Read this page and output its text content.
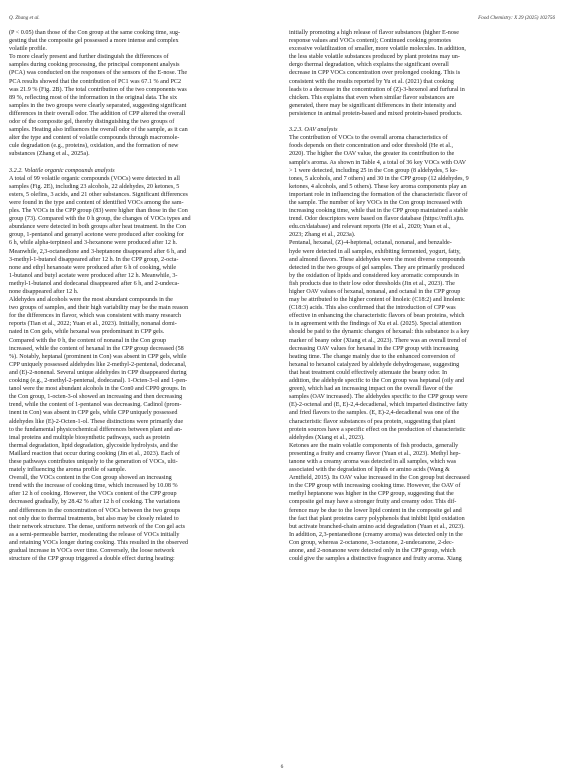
Q. Zhang et al.	Food Chemistry: X 29 (2025) 102756
(P < 0.05) than those of the Con group at the same cooking time, sug-
gesting that the composite gel possessed a more intense and complex
volatile profile.
To more clearly present and further distinguish the differences of
samples during cooking processing, the principal component analysis
(PCA) was conducted on the responses of the sensors of the E-nose. The
PCA results showed that the contribution of PC1 was 67.1 % and PC2
was 21.9 % (Fig. 2B). The total contribution of the two components was
89 %, reflecting most of the information in the original data. The six
samples in the two groups were clearly separated, suggesting significant
differences in their overall odor. The addition of CPP altered the overall
odor of the composite gel, thereby distinguishing the two groups of
samples. Heating also influences the overall odor of the sample, as it can
alter the type and content of volatile compounds through macromole-
cule degradation (e.g., proteins), oxidation, and the formation of new
substances (Zhang et al., 2025a).
3.2.2. Volatile organic compounds analysis
A total of 99 volatile organic compounds (VOCs) were detected in all
samples (Fig. 2E), including 23 alcohols, 22 aldehydes, 20 ketones, 5
esters, 5 olefins, 3 acids, and 21 other substances. Significant differences
were found in the type and content of identified VOCs among the sam-
ples. The VOCs in the CPP group (83) were higher than those in the Con
group (73). Compared with the 0 h group, the changes of VOCs types and
abundance were detected in both groups after heat treatment. In the Con
group, 1-pentanol and geranyl acetone were produced after cooking for
6 h, while alpha-terpineol and 3-hexanone were produced after 12 h.
Meanwhile, 2,3-octanedione and 3-heptanone disappeared after 6 h, and
3-methyl-1-butanol disappeared after 12 h. In the CPP group, 2-octa-
none and ethyl hexanoate were produced after 6 h of cooking, while
1-butanol and butyl acetate were produced after 12 h. Meanwhile, 3-
methyl-1-butanol and dodecanal disappeared after 6 h, and 2-undeca-
none disappeared after 12 h.
Aldehydes and alcohols were the most abundant compounds in the
two groups of samples, and their high variability may be the main reason
for the differences in flavor, which was consistent with many research
reports (Tian et al., 2022; Yuan et al., 2023). Initially, nonanal domi-
nated in Con gels, while hexanal was predominant in CPP gels.
Compared with the 0 h, the content of nonanal in the Con group
increased, while the content of hexanal in the CPP group decreased (58
%). Notably, heptanal (prominent in Con) was absent in CPP gels, while
CPP uniquely possessed aldehydes like 2-methyl-2-pentenal, dodecanal,
and (E)-2-nonenal. Several unique aldehydes in CPP disappeared during
cooking (e.g., 2-methyl-2-pentenal, dodecanal). 1-Octen-3-ol and 1-pen-
tanol were the most abundant alcohols in the Con0 and CPP0 groups. In
the Con group, 1-octen-3-ol showed an increasing and then decreasing
trend, while the content of 1-pentanol was decreasing. Cadinol (prom-
inent in Con) was absent in CPP gels, while CPP uniquely possessed
aldehydes like (E)-2-Octen-1-ol. These distinctions were primarily due
to the fundamental physicochemical differences between plant and an-
imal proteins and multiple biosynthetic pathways, such as protein
thermal degradation, lipid degradation, glycoside hydrolysis, and the
Maillard reaction that occur during cooking (Jin et al., 2023). Each of
these pathways contributes uniquely to the generation of VOCs, ulti-
mately influencing the aroma profile of sample.
Overall, the VOCs content in the Con group showed an increasing
trend with the increase of cooking time, which increased by 10.08 %
after 12 h of cooking. However, the VOCs content of the CPP group
decreased gradually, by 28.42 % after 12 h of cooking. The variations
and differences in the concentration of VOCs between the two groups
not only due to thermal treatments, but also may be closely related to
their network structure. The dense, uniform network of the Con gel acts
as a semi-permeable barrier, moderating the release of VOCs initially
and retaining VOCs longer during cooking. This resulted in the observed
gradual increase in VOCs over time. Conversely, the loose network
structure of the CPP group triggered a double effect during heating:
initially promoting a high release of flavor substances (higher E-nose
response values and VOCs content); Continued cooking promotes
excessive volatilization of smaller, more volatile molecules. In addition,
the less stable volatile substances produced by plant proteins may un-
dergo thermal degradation, which explains the significant overall
decrease in CPP VOCs concentration over prolonged cooking. This is
consistent with the results reported by Yu et al. (2021) that cooking
leads to a decrease in the concentration of (Z)-3-hexenol and furfural in
chicken. This explains that even when similar flavor substances are
generated, there may be significant differences in their intensity and
persistence in animal protein-based and mixed protein-based products.
3.2.3. OAV analysis
The contribution of VOCs to the overall aroma characteristics of
foods depends on their concentration and odor threshold (He et al.,
2020). The higher the OAV value, the greater its contribution to the
sample's aroma. As shown in Table 4, a total of 36 key VOCs with OAV
> 1 were detected, including 25 in the Con group (8 aldehydes, 5 ke-
tones, 5 alcohols, and 7 others) and 30 in the CPP group (12 aldehydes, 9
ketones, 4 alcohols, and 5 others). These key aroma components play an
important role in influencing the formation of the characteristic flavor of
the sample. The number of key VOCs in the Con group increased with
increasing cooking time, while that in the CPP group maintained a stable
trend. Odor descriptors were based on flavor database (https://mffi.sjtu.
edu.cn/database) and relevant reports (He et al., 2020; Yuan et al.,
2023; Zhang et al., 2023a).
Pentanal, hexanal, (Z)-4-heptenal, octanal, nonanal, and benzalde-
hyde were detected in all samples, exhibiting fermented, yogurt, fatty,
and almond flavors. These aldehydes were the most diverse compounds
detected in the two groups of gel samples. They are primarily produced
by the oxidation of lipids and considered key aromatic compounds in
fish products due to their low odor thresholds (Jin et al., 2023). The
higher OAV values of hexanal, nonanal, and octanal in the CPP group
may be attributed to the higher content of linoleic (C18:2) and linolenic
(C18:3) acids. This also confirmed that the introduction of CPP was
effective in enhancing the characteristic flavors of bean proteins, which
is in agreement with the findings of Xu et al. (2025). Special attention
should be paid to the dynamic changes of hexanal: this substance is a key
marker of beany odor (Xiang et al., 2023). There was an overall trend of
decreasing OAV values for hexanal in the CPP group with increasing
heating time. The change mainly due to the enhanced conversion of
hexanal to hexanol catalyzed by aldehyde dehydrogenase, suggesting
that heat treatment could effectively attenuate the beany odor. In
addition, the aldehyde specific to the Con group was heptanal (oily and
green), which had an increasing impact on the overall flavor of the
samples (OAV increased). The aldehydes specific to the CPP group were
(E)-2-octenal and (E, E)-2,4-decadienal, which imparted distinctive fatty
and fried flavors to the samples. (E, E)-2,4-decadienal was one of the
characteristic flavor substances of pea protein, suggesting that plant
protein sources have a specific effect on the production of characteristic
aldehydes (Xiang et al., 2023).
Ketones are the main volatile components of fish products, generally
presenting a fruity and creamy flavor (Yuan et al., 2023). Methyl hep-
tanone with a creamy aroma was detected in all samples, which was
associated with the degradation of lipids or amino acids (Wang &
Arntfield, 2015). Its OAV value increased in the Con group but decreased
in the CPP group with increasing cooking time. However, the OAV of
methyl heptanone was higher in the CPP group, suggesting that the
composite gel may have a stronger fruity and creamy odor. This dif-
ference may be due to the lower lipid content in the composite gel and
the fact that plant proteins carry polyphenols that inhibit lipid oxidation
but activate branched-chain amino acid degradation (Yuan et al., 2023).
In addition, 2,3-pentanedione (creamy aroma) was detected only in the
Con group, whereas 2-octanone, 3-octanone, 2-undecanone, 2-dec-
anone, and 2-nonanone were detected only in the CPP group, which
could give the samples a distinctive fragrance and fruity aroma. Xiang
6
